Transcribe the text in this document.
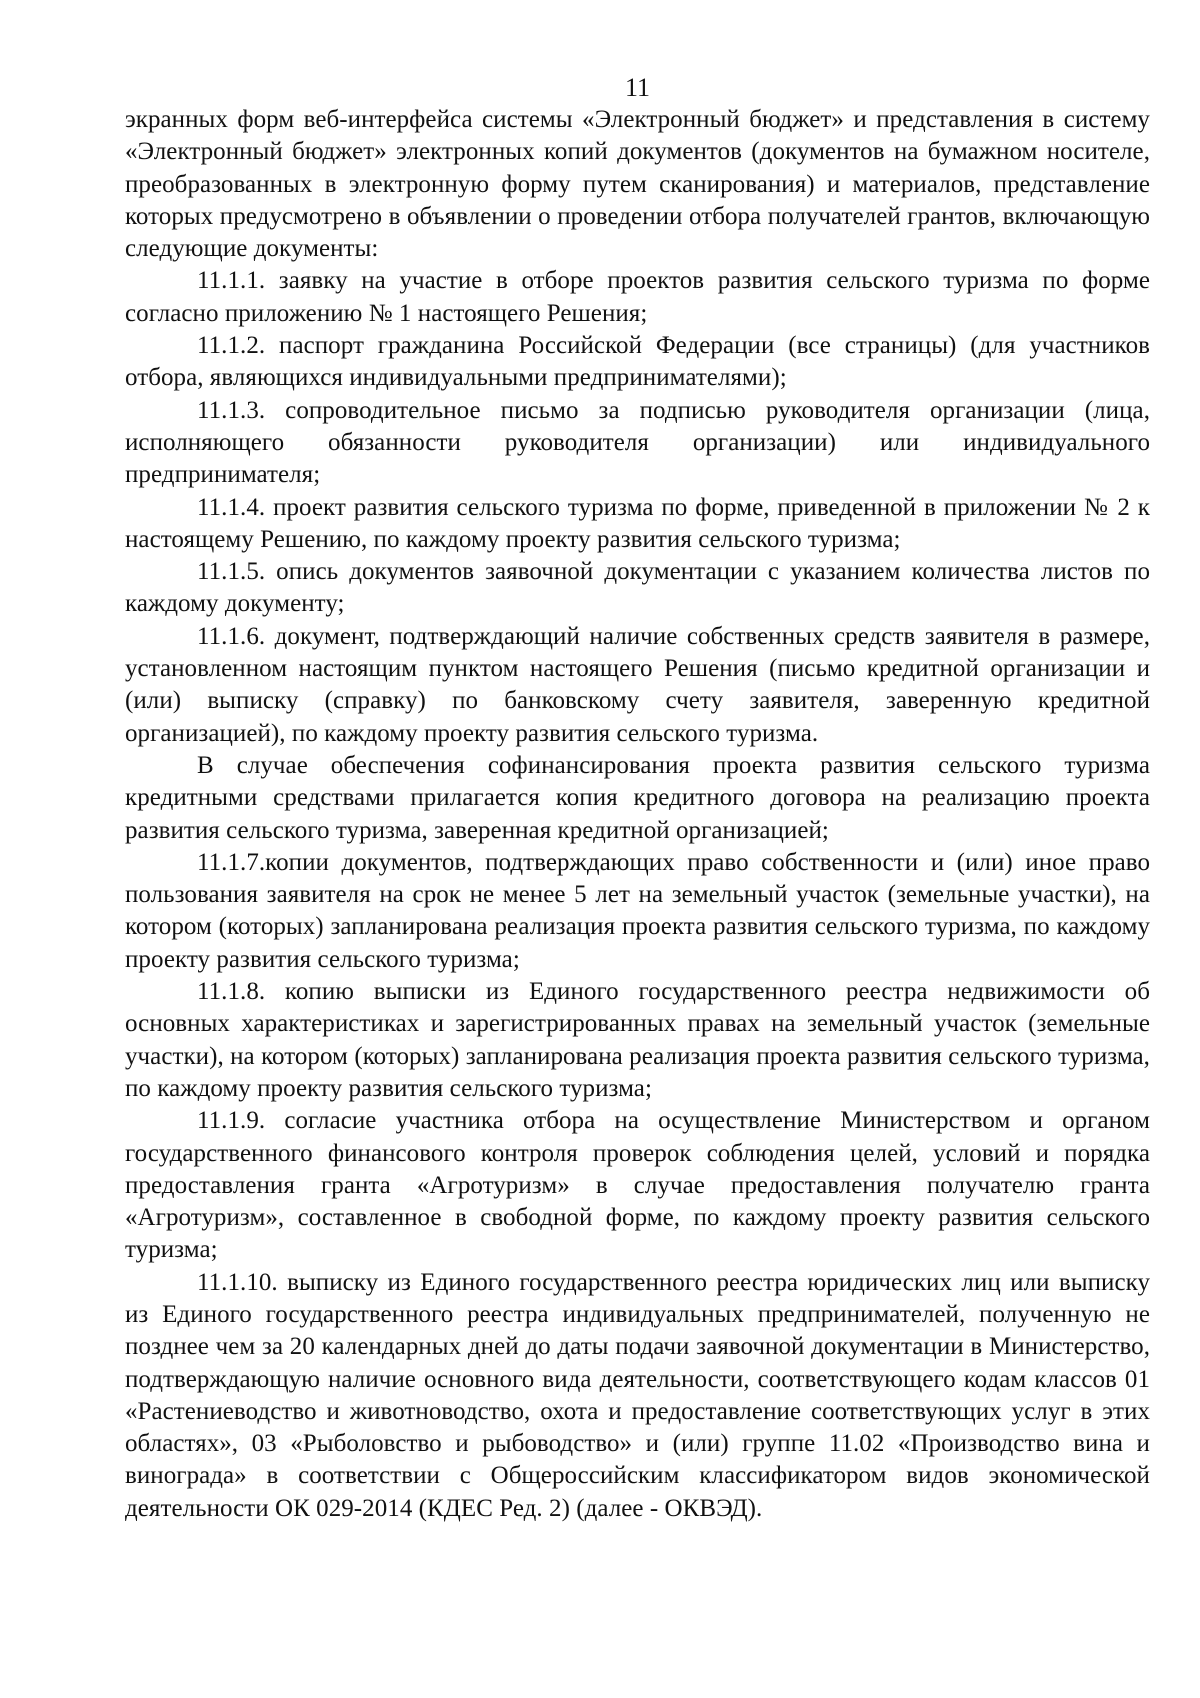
11

экранных форм веб-интерфейса системы «Электронный бюджет» и представления в систему «Электронный бюджет» электронных копий документов (документов на бумажном носителе, преобразованных в электронную форму путем сканирования) и материалов, представление которых предусмотрено в объявлении о проведении отбора получателей грантов, включающую следующие документы:

11.1.1. заявку на участие в отборе проектов развития сельского туризма по форме согласно приложению № 1 настоящего Решения;

11.1.2. паспорт гражданина Российской Федерации (все страницы) (для участников отбора, являющихся индивидуальными предпринимателями);

11.1.3. сопроводительное письмо за подписью руководителя организации (лица, исполняющего обязанности руководителя организации) или индивидуального предпринимателя;

11.1.4. проект развития сельского туризма по форме, приведенной в приложении № 2 к настоящему Решению, по каждому проекту развития сельского туризма;

11.1.5. опись документов заявочной документации с указанием количества листов по каждому документу;

11.1.6. документ, подтверждающий наличие собственных средств заявителя в размере, установленном настоящим пунктом настоящего Решения (письмо кредитной организации и (или) выписку (справку) по банковскому счету заявителя, заверенную кредитной организацией), по каждому проекту развития сельского туризма.

В случае обеспечения софинансирования проекта развития сельского туризма кредитными средствами прилагается копия кредитного договора на реализацию проекта развития сельского туризма, заверенная кредитной организацией;

11.1.7.копии документов, подтверждающих право собственности и (или) иное право пользования заявителя на срок не менее 5 лет на земельный участок (земельные участки), на котором (которых) запланирована реализация проекта развития сельского туризма, по каждому проекту развития сельского туризма;

11.1.8. копию выписки из Единого государственного реестра недвижимости об основных характеристиках и зарегистрированных правах на земельный участок (земельные участки), на котором (которых) запланирована реализация проекта развития сельского туризма, по каждому проекту развития сельского туризма;

11.1.9. согласие участника отбора на осуществление Министерством и органом государственного финансового контроля проверок соблюдения целей, условий и порядка предоставления гранта «Агротуризм» в случае предоставления получателю гранта «Агротуризм», составленное в свободной форме, по каждому проекту развития сельского туризма;

11.1.10. выписку из Единого государственного реестра юридических лиц или выписку из Единого государственного реестра индивидуальных предпринимателей, полученную не позднее чем за 20 календарных дней до даты подачи заявочной документации в Министерство, подтверждающую наличие основного вида деятельности, соответствующего кодам классов 01 «Растениеводство и животноводство, охота и предоставление соответствующих услуг в этих областях», 03 «Рыболовство и рыбоводство» и (или) группе 11.02 «Производство вина и винограда» в соответствии с Общероссийским классификатором видов экономической деятельности ОК 029-2014 (КДЕС Ред. 2) (далее - ОКВЭД).
